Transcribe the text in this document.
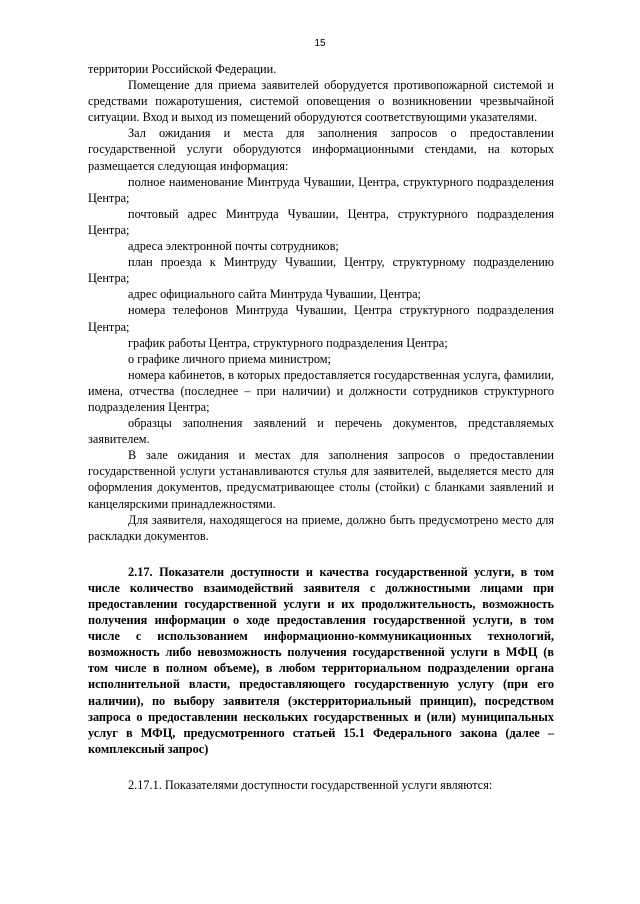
15

территории Российской Федерации.

Помещение для приема заявителей оборудуется противопожарной системой и средствами пожаротушения, системой оповещения о возникновении чрезвычайной ситуации. Вход и выход из помещений оборудуются соответствующими указателями.

Зал ожидания и места для заполнения запросов о предоставлении государственной услуги оборудуются информационными стендами, на которых размещается следующая информация:

полное наименование Минтруда Чувашии, Центра, структурного подразделения Центра;

почтовый адрес Минтруда Чувашии, Центра, структурного подразделения Центра;

адреса электронной почты сотрудников;

план проезда к Минтруду Чувашии, Центру, структурному подразделению Центра;

адрес официального сайта Минтруда Чувашии, Центра;

номера телефонов Минтруда Чувашии, Центра структурного подразделения Центра;

график работы Центра, структурного подразделения Центра;

о графике личного приема министром;

номера кабинетов, в которых предоставляется государственная услуга, фамилии, имена, отчества (последнее – при наличии) и должности сотрудников структурного подразделения Центра;

образцы заполнения заявлений и перечень документов, представляемых заявителем.

В зале ожидания и местах для заполнения запросов о предоставлении государственной услуги устанавливаются стулья для заявителей, выделяется место для оформления документов, предусматривающее столы (стойки) с бланками заявлений и канцелярскими принадлежностями.

Для заявителя, находящегося на приеме, должно быть предусмотрено место для раскладки документов.

2.17. Показатели доступности и качества государственной услуги, в том числе количество взаимодействий заявителя с должностными лицами при предоставлении государственной услуги и их продолжительность, возможность получения информации о ходе предоставления государственной услуги, в том числе с использованием информационно-коммуникационных технологий, возможность либо невозможность получения государственной услуги в МФЦ (в том числе в полном объеме), в любом территориальном подразделении органа исполнительной власти, предоставляющего государственную услугу (при его наличии), по выбору заявителя (экстерриториальный принцип), посредством запроса о предоставлении нескольких государственных и (или) муниципальных услуг в МФЦ, предусмотренного статьей 15.1 Федерального закона (далее – комплексный запрос)

2.17.1. Показателями доступности государственной услуги являются:
